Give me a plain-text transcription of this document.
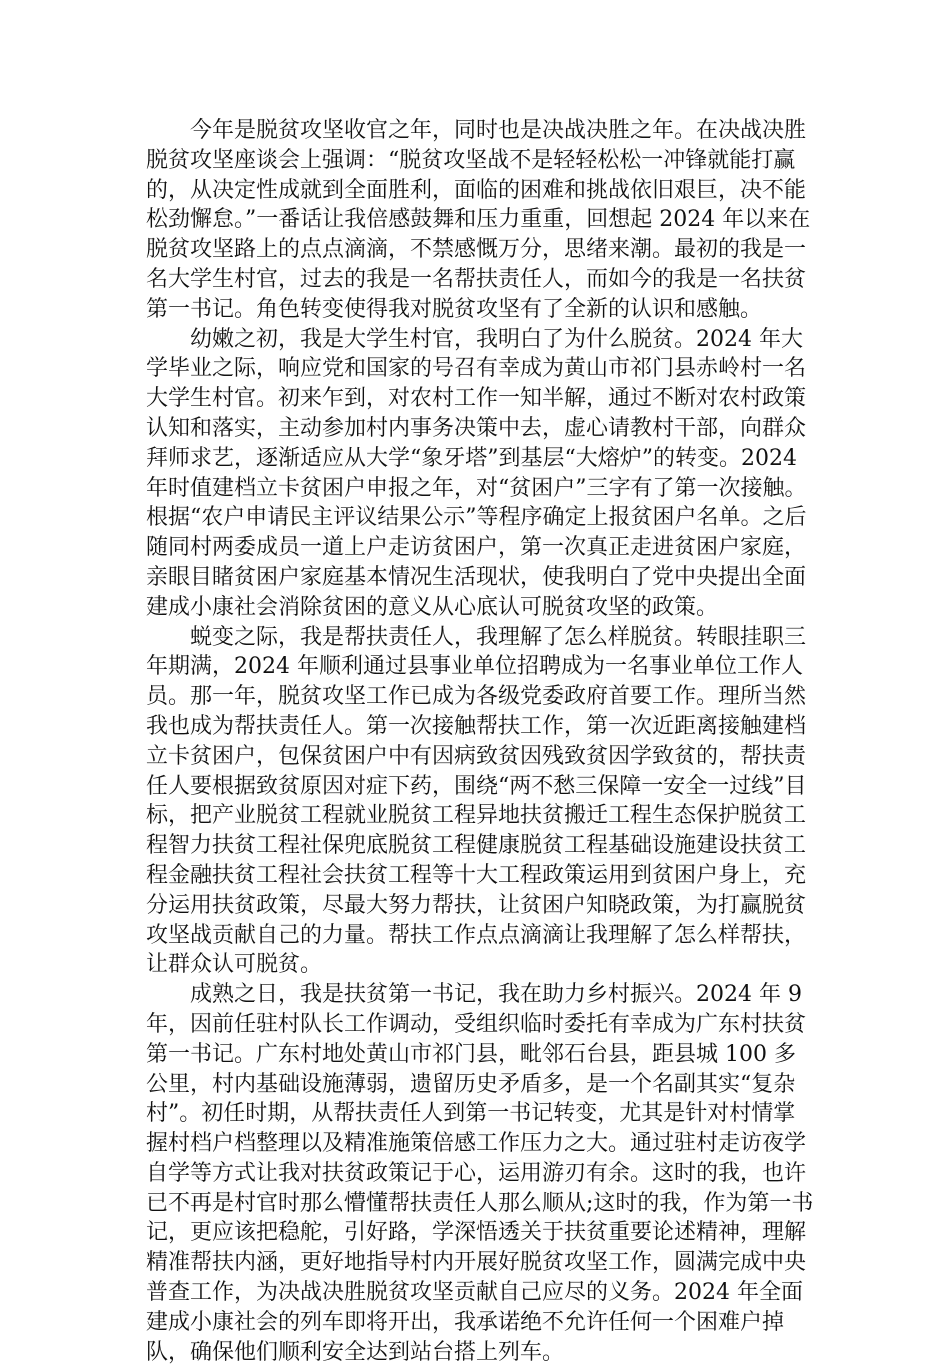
今年是脱贫攻坚收官之年，同时也是决战决胜之年。在决战决胜脱贫攻坚座谈会上强调：“脱贫攻坚战不是轻轻松松一冲锋就能打赢的，从决定性成就到全面胜利，面临的困难和挑战依旧艰巨，决不能松劲懈怠。”一番话让我倍感鼓舞和压力重重，回想起 2024 年以来在脱贫攻坚路上的点点滴滴，不禁感慨万分，思绪来潮。最初的我是一名大学生村官，过去的我是一名帮扶责任人，而如今的我是一名扶贫第一书记。角色转变使得我对脱贫攻坚有了全新的认识和感触。

幼嫩之初，我是大学生村官，我明白了为什么脱贫。2024 年大学毕业之际，响应党和国家的号召有幸成为黄山市祁门县赤岭村一名大学生村官。初来乍到，对农村工作一知半解，通过不断对农村政策认知和落实，主动参加村内事务决策中去，虚心请教村干部，向群众拜师求艺，逐渐适应从大学“象牙塔”到基层“大熔炉”的转变。2024 年时值建档立卡贫困户申报之年，对“贫困户”三字有了第一次接触。根据“农户申请民主评议结果公示”等程序确定上报贫困户名单。之后随同村两委成员一道上户走访贫困户，第一次真正走进贫困户家庭，亲眼目睹贫困户家庭基本情况生活现状，使我明白了党中央提出全面建成小康社会消除贫困的意义从心底认可脱贫攻坚的政策。

蜕变之际，我是帮扶责任人，我理解了怎么样脱贫。转眼挂职三年期满，2024 年顺利通过县事业单位招聘成为一名事业单位工作人员。那一年，脱贫攻坚工作已成为各级党委政府首要工作。理所当然我也成为帮扶责任人。第一次接触帮扶工作，第一次近距离接触建档立卡贫困户，包保贫困户中有因病致贫因残致贫因学致贫的，帮扶责任人要根据致贫原因对症下药，围绕“两不愁三保障一安全一过线”目标，把产业脱贫工程就业脱贫工程异地扶贫搬迁工程生态保护脱贫工程智力扶贫工程社保兜底脱贫工程健康脱贫工程基础设施建设扶贫工程金融扶贫工程社会扶贫工程等十大工程政策运用到贫困户身上，充分运用扶贫政策，尽最大努力帮扶，让贫困户知晓政策，为打赢脱贫攻坚战贡献自己的力量。帮扶工作点点滴滴让我理解了怎么样帮扶，让群众认可脱贫。

成熟之日，我是扶贫第一书记，我在助力乡村振兴。2024 年 9 年，因前任驻村队长工作调动，受组织临时委托有幸成为广东村扶贫第一书记。广东村地处黄山市祁门县，毗邻石台县，距县城 100 多公里，村内基础设施薄弱，遗留历史矛盾多，是一个名副其实“复杂村”。初任时期，从帮扶责任人到第一书记转变，尤其是针对村情掌握村档户档整理以及精准施策倍感工作压力之大。通过驻村走访夜学自学等方式让我对扶贫政策记于心，运用游刃有余。这时的我，也许已不再是村官时那么懵懂帮扶责任人那么顺从;这时的我，作为第一书记，更应该把稳舵，引好路，学深悟透关于扶贫重要论述精神，理解精准帮扶内涵，更好地指导村内开展好脱贫攻坚工作，圆满完成中央普查工作，为决战决胜脱贫攻坚贡献自己应尽的义务。2024 年全面建成小康社会的列车即将开出，我承诺绝不允许任何一个困难户掉队，确保他们顺利安全达到站台搭上列车。
